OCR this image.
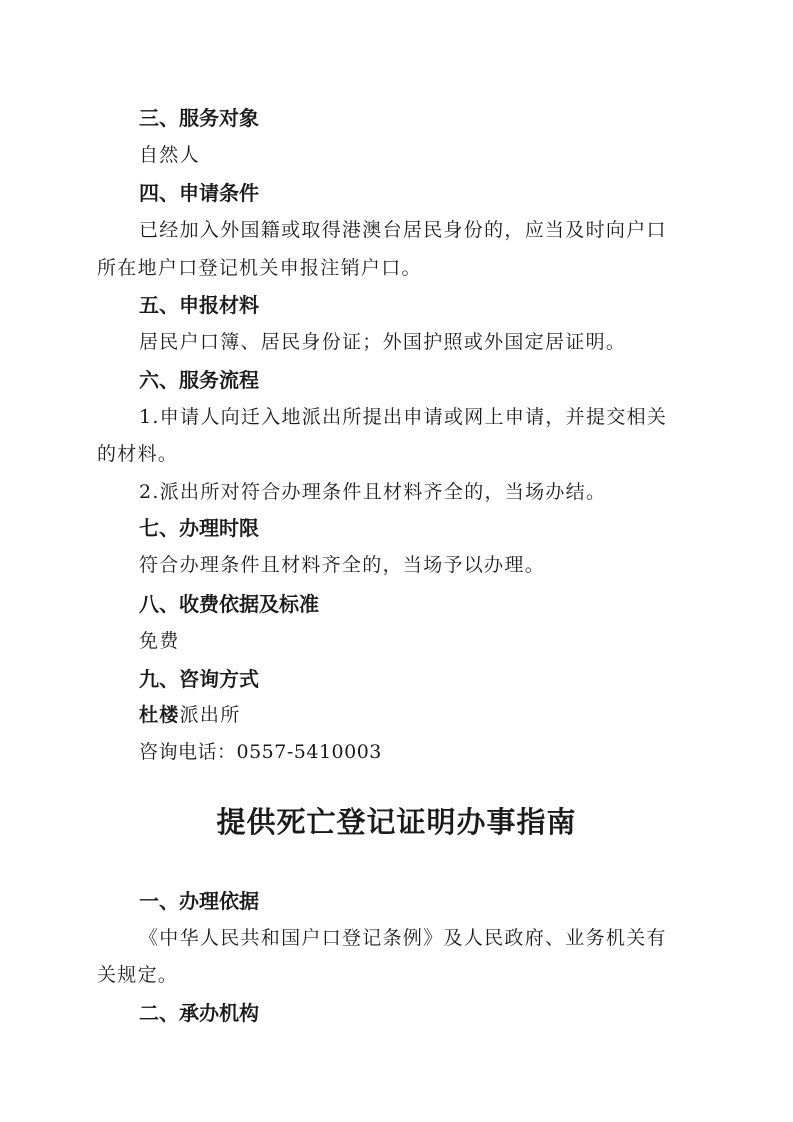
三、服务对象
自然人
四、申请条件
已经加入外国籍或取得港澳台居民身份的，应当及时向户口
所在地户口登记机关申报注销户口。
五、申报材料
居民户口簿、居民身份证；外国护照或外国定居证明。
六、服务流程
1.申请人向迁入地派出所提出申请或网上申请，并提交相关
的材料。
2.派出所对符合办理条件且材料齐全的，当场办结。
七、办理时限
符合办理条件且材料齐全的，当场予以办理。
八、收费依据及标准
免费
九、咨询方式
杜楼派出所
咨询电话：0557-5410003
提供死亡登记证明办事指南
一、办理依据
《中华人民共和国户口登记条例》及人民政府、业务机关有
关规定。
二、承办机构
